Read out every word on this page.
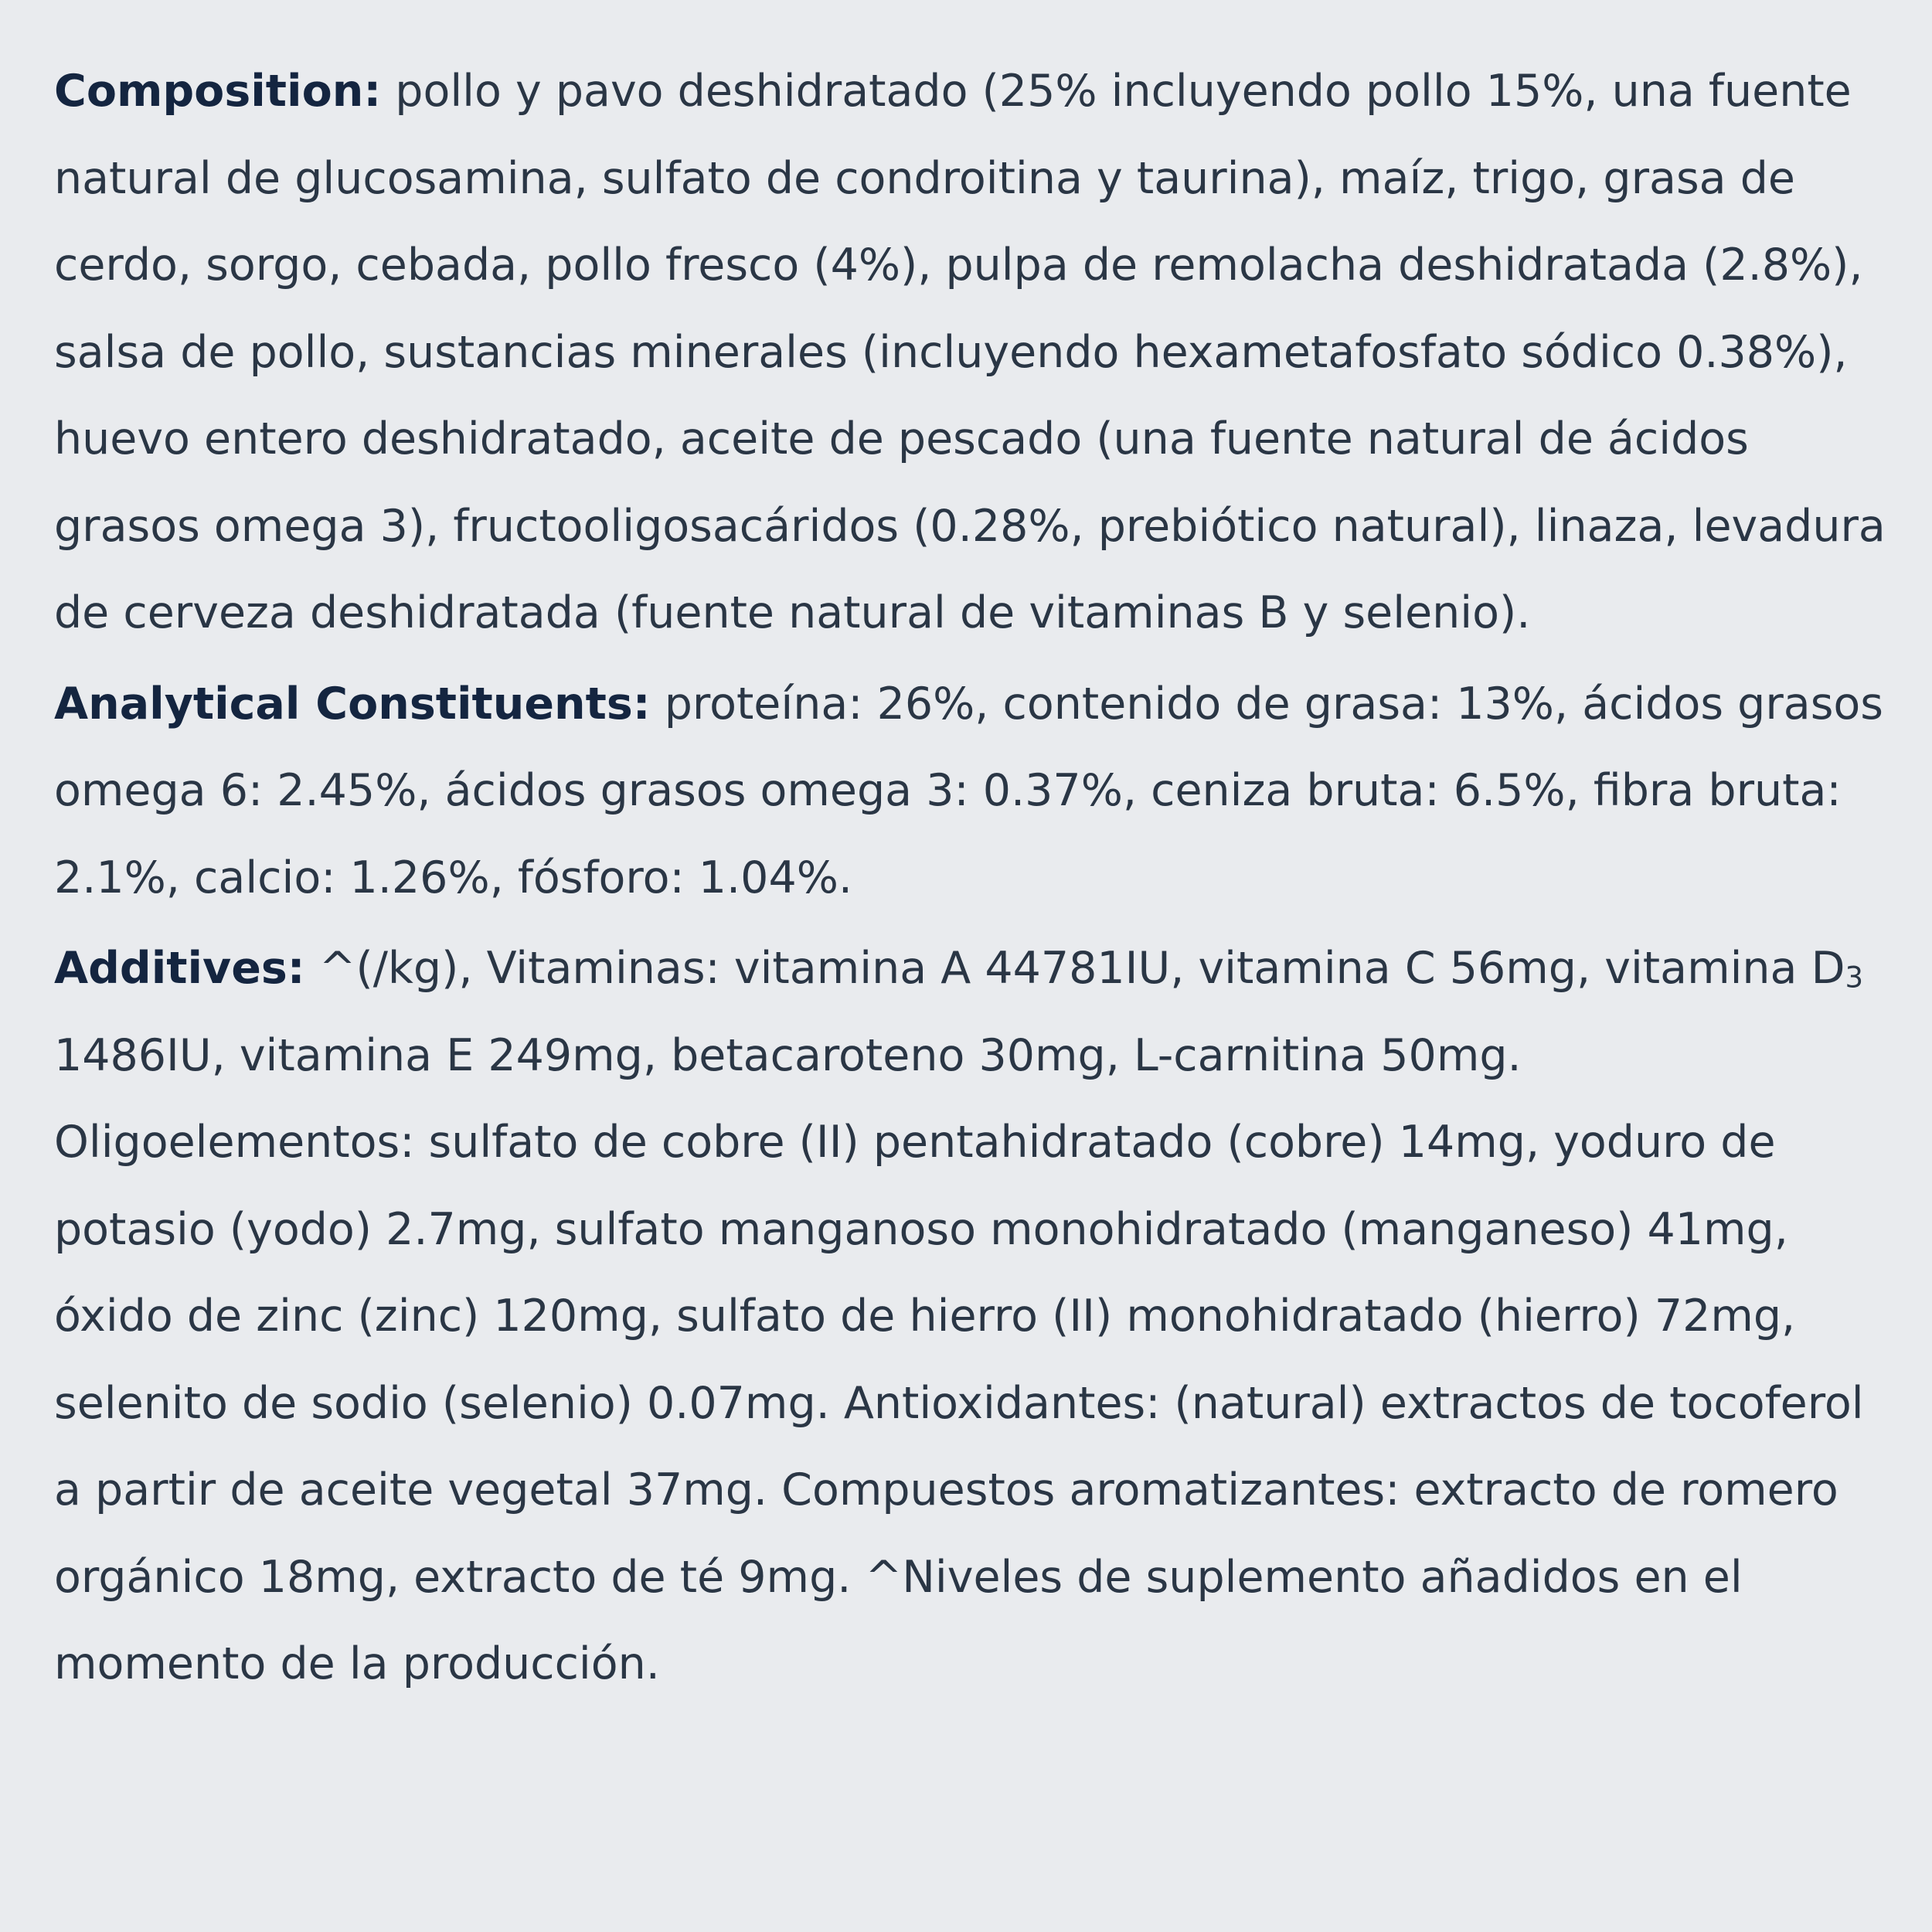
Composition: pollo y pavo deshidratado (25% incluyendo pollo 15%, una fuente natural de glucosamina, sulfato de condroitina y taurina), maíz, trigo, grasa de cerdo, sorgo, cebada, pollo fresco (4%), pulpa de remolacha deshidratada (2.8%), salsa de pollo, sustancias minerales (incluyendo hexametafosfato sódico 0.38%), huevo entero deshidratado, aceite de pescado (una fuente natural de ácidos grasos omega 3), fructooligosacáridos (0.28%, prebiótico natural), linaza, levadura de cerveza deshidratada (fuente natural de vitaminas B y selenio).

Analytical Constituents: proteína: 26%, contenido de grasa: 13%, ácidos grasos omega 6: 2.45%, ácidos grasos omega 3: 0.37%, ceniza bruta: 6.5%, fibra bruta: 2.1%, calcio: 1.26%, fósforo: 1.04%.

Additives: ^(/kg), Vitaminas: vitamina A 44781IU, vitamina C 56mg, vitamina D3 1486IU, vitamina E 249mg, betacaroteno 30mg, L-carnitina 50mg. Oligoelementos: sulfato de cobre (II) pentahidratado (cobre) 14mg, yoduro de potasio (yodo) 2.7mg, sulfato manganoso monohidratado (manganeso) 41mg, óxido de zinc (zinc) 120mg, sulfato de hierro (II) monohidratado (hierro) 72mg, selenito de sodio (selenio) 0.07mg. Antioxidantes: (natural) extractos de tocoferol a partir de aceite vegetal 37mg. Compuestos aromatizantes: extracto de romero orgánico 18mg, extracto de té 9mg. ^Niveles de suplemento añadidos en el momento de la producción.
